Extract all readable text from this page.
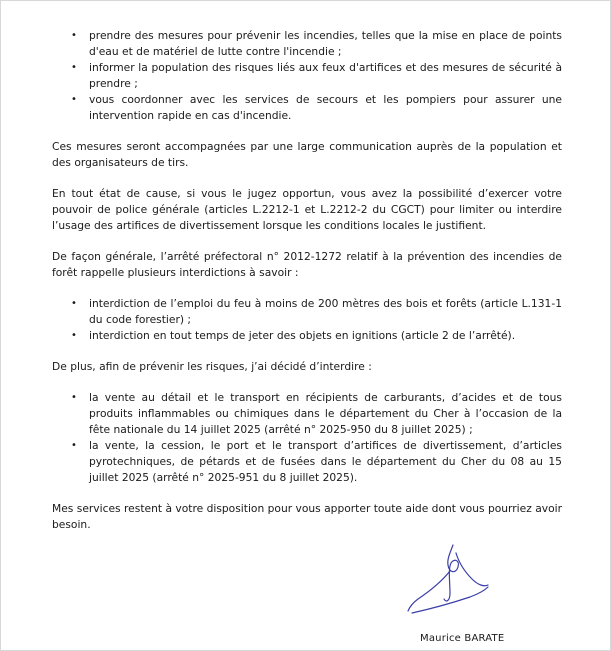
• prendre des mesures pour prévenir les incendies, telles que la mise en place de points d'eau et de matériel de lutte contre l'incendie ;
• informer la population des risques liés aux feux d'artifices et des mesures de sécurité à prendre ;
• vous coordonner avec les services de secours et les pompiers pour assurer une intervention rapide en cas d'incendie.

Ces mesures seront accompagnées par une large communication auprès de la population et des organisateurs de tirs.

En tout état de cause, si vous le jugez opportun, vous avez la possibilité d’exercer votre pouvoir de police générale (articles L.2212-1 et L.2212-2 du CGCT) pour limiter ou interdire l’usage des artifices de divertissement lorsque les conditions locales le justifient.

De façon générale, l’arrêté préfectoral n° 2012-1272 relatif à la prévention des incendies de forêt rappelle plusieurs interdictions à savoir :

• interdiction de l’emploi du feu à moins de 200 mètres des bois et forêts (article L.131-1 du code forestier) ;
• interdiction en tout temps de jeter des objets en ignitions (article 2 de l’arrêté).

De plus, afin de prévenir les risques, j’ai décidé d’interdire :

• la vente au détail et le transport en récipients de carburants, d’acides et de tous produits inflammables ou chimiques dans le département du Cher à l’occasion de la fête nationale du 14 juillet 2025 (arrêté n° 2025-950 du 8 juillet 2025) ;
• la vente, la cession, le port et le transport d’artifices de divertissement, d’articles pyrotechniques, de pétards et de fusées dans le département du Cher du 08 au 15 juillet 2025 (arrêté n° 2025-951 du 8 juillet 2025).

Mes services restent à votre disposition pour vous apporter toute aide dont vous pourriez avoir besoin.

Maurice BARATE
